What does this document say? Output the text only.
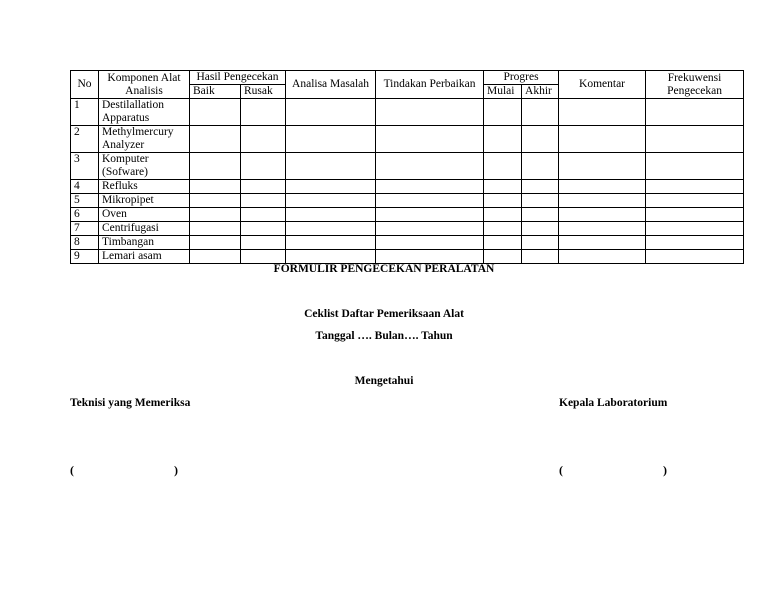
No	Komponen Alat Analisis	Hasil Pengecekan		Analisa Masalah	Tindakan Perbaikan	Progres		Komentar	Frekuwensi Pengecekan
		Baik	Rusak			Mulai	Akhir		
1	Destilallation Apparatus								
2	Methylmercury Analyzer								
3	Komputer (Sofware)								
4	Refluks								
5	Mikropipet								
6	Oven								
7	Centrifugasi								
8	Timbangan								
9	Lemari asam								
FORMULIR PENGECEKAN PERALATAN
Ceklist Daftar Pemeriksaan Alat
Tanggal …. Bulan…. Tahun
Mengetahui
Teknisi yang Memeriksa	Kepala Laboratorium
(	)	(	)
